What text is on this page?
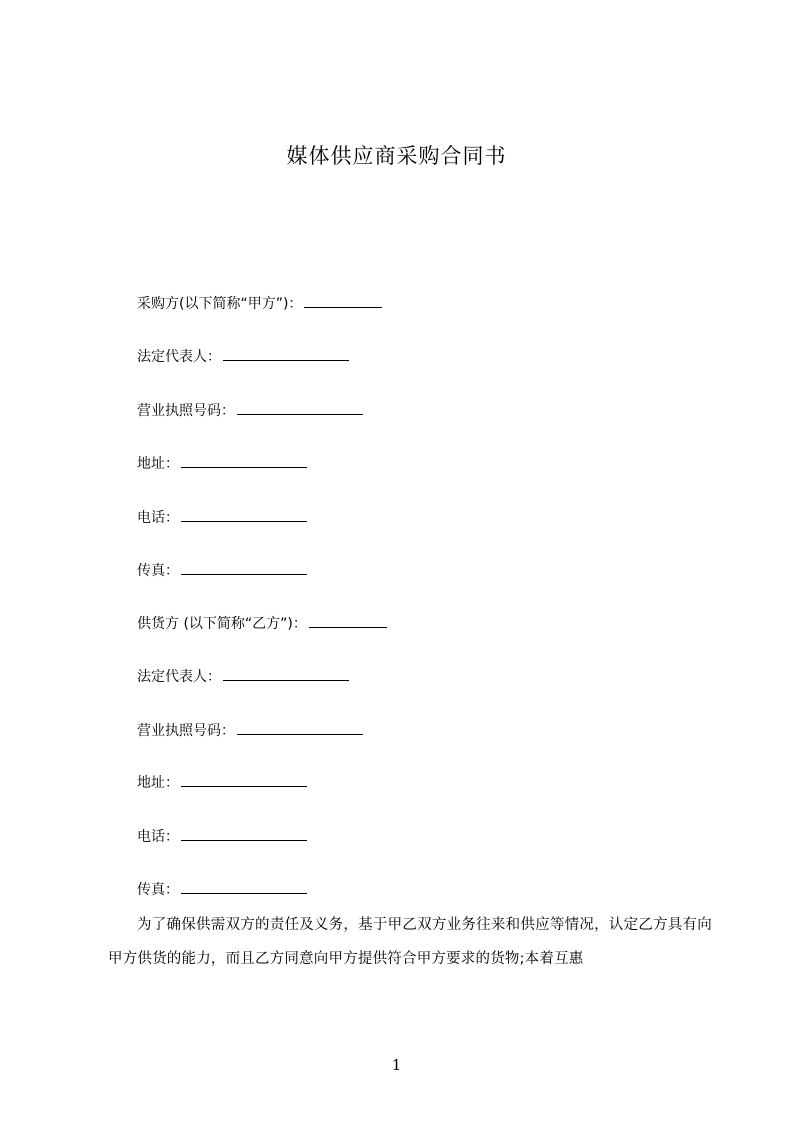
媒体供应商采购合同书
采购方(以下简称“甲方”)：
法定代表人：
营业执照号码：
地址：
电话：
传真：
供货方 (以下简称“乙方”)：
法定代表人：
营业执照号码：
地址：
电话：
传真：

为了确保供需双方的责任及义务，基于甲乙双方业务往来和供应等情况，认定乙方具有向甲方供货的能力，而且乙方同意向甲方提供符合甲方要求的货物;本着互惠

1
